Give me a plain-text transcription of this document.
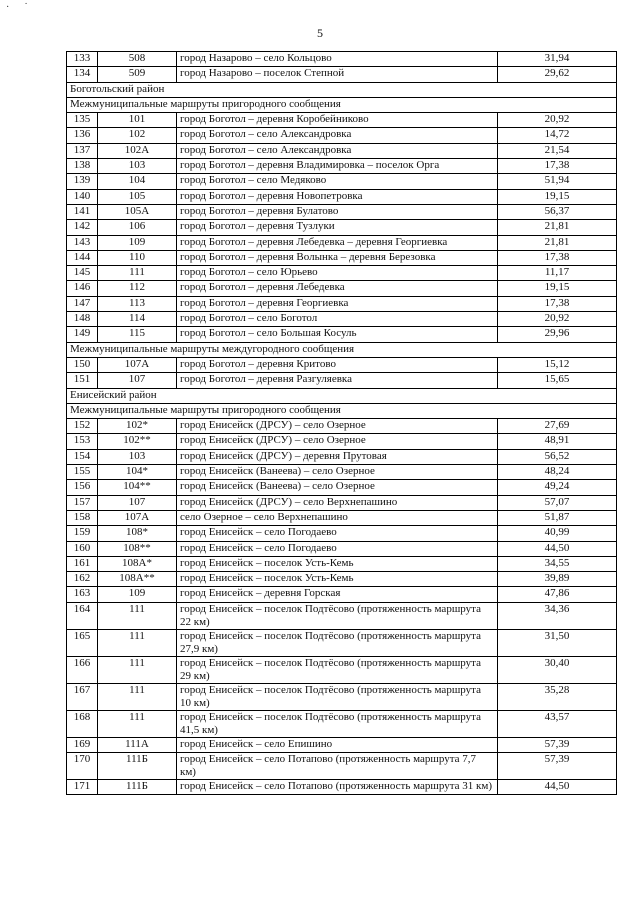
·      ˙
5
133	508	город Назарово – село Кольцово	31,94
134	509	город Назарово – поселок Степной	29,62
Боготольский район			
Межмуниципальные маршруты пригородного сообщения			
135	101	город Боготол – деревня Коробейниково	20,92
136	102	город Боготол – село Александровка	14,72
137	102А	город Боготол – село Александровка	21,54
138	103	город Боготол – деревня Владимировка – поселок Орга	17,38
139	104	город Боготол – село Медяково	51,94
140	105	город Боготол – деревня Новопетровка	19,15
141	105А	город Боготол – деревня Булатово	56,37
142	106	город Боготол – деревня Тузлуки	21,81
143	109	город Боготол – деревня Лебедевка – деревня Георгиевка	21,81
144	110	город Боготол – деревня Волынка – деревня Березовка	17,38
145	111	город Боготол – село Юрьево	11,17
146	112	город Боготол – деревня Лебедевка	19,15
147	113	город Боготол – деревня Георгиевка	17,38
148	114	город Боготол – село Боготол	20,92
149	115	город Боготол – село Большая Косуль	29,96
Межмуниципальные маршруты междугородного сообщения			
150	107А	город Боготол – деревня Критово	15,12
151	107	город Боготол – деревня Разгуляевка	15,65
Енисейский район			
Межмуниципальные маршруты пригородного сообщения			
152	102*	город Енисейск (ДРСУ) – село Озерное	27,69
153	102**	город Енисейск (ДРСУ) – село Озерное	48,91
154	103	город Енисейск (ДРСУ) – деревня Прутовая	56,52
155	104*	город Енисейск (Ванеева) – село Озерное	48,24
156	104**	город Енисейск (Ванеева) – село Озерное	49,24
157	107	город Енисейск (ДРСУ) – село Верхнепашино	57,07
158	107А	село Озерное – село Верхнепашино	51,87
159	108*	город Енисейск – село Погодаево	40,99
160	108**	город Енисейск – село Погодаево	44,50
161	108А*	город Енисейск – поселок Усть-Кемь	34,55
162	108А**	город Енисейск – поселок Усть-Кемь	39,89
163	109	город Енисейск – деревня Горская	47,86
164	111	город Енисейск – поселок Подтёсово (протяженность маршрута 22 км)	34,36
165	111	город Енисейск – поселок Подтёсово (протяженность маршрута 27,9 км)	31,50
166	111	город Енисейск – поселок Подтёсово (протяженность маршрута 29 км)	30,40
167	111	город Енисейск – поселок Подтёсово (протяженность маршрута 10 км)	35,28
168	111	город Енисейск – поселок Подтёсово (протяженность маршрута 41,5 км)	43,57
169	111А	город Енисейск – село Епишино	57,39
170	111Б	город Енисейск – село Потапово (протяженность маршрута 7,7 км)	57,39
171	111Б	город Енисейск – село Потапово (протяженность маршрута 31 км)	44,50
